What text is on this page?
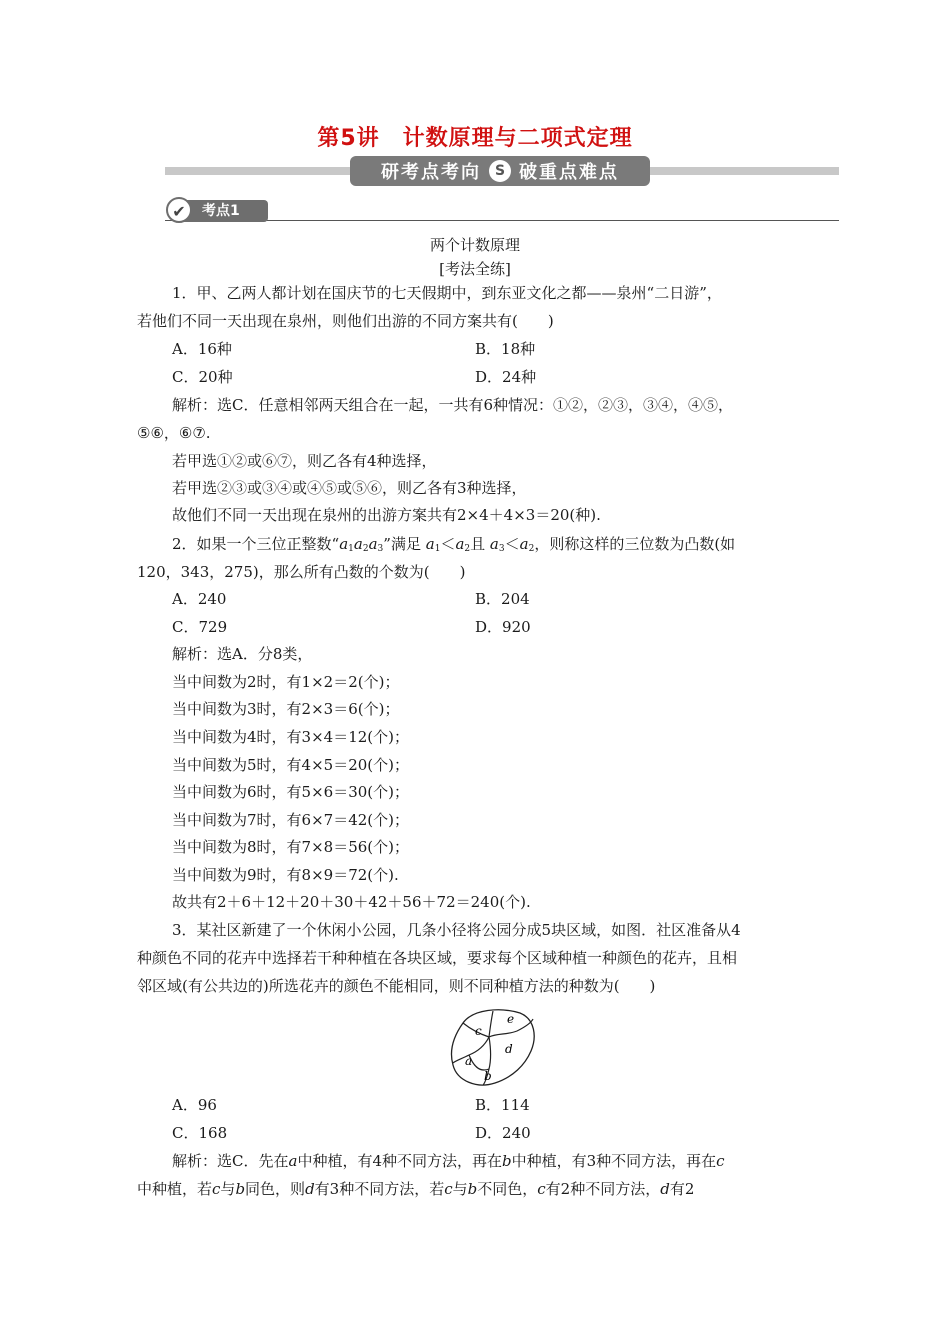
第5讲　计数原理与二项式定理
研考点考向 S 破重点难点
✔	考点1
两个计数原理
[考法全练]
1．甲、乙两人都计划在国庆节的七天假期中，到东亚文化之都——泉州“二日游”，
若他们不同一天出现在泉州，则他们出游的不同方案共有(　　)
A．16种	B．18种
C．20种	D．24种
解析：选C．任意相邻两天组合在一起，一共有6种情况：①②，②③，③④，④⑤，
⑤⑥，⑥⑦.
若甲选①②或⑥⑦，则乙各有4种选择，
若甲选②③或③④或④⑤或⑤⑥，则乙各有3种选择，
故他们不同一天出现在泉州的出游方案共有2×4＋4×3＝20(种).
2．如果一个三位正整数“$a_1a_2a_3$”满足 $a_1<a_2$且 $a_3<a_2$，则称这样的三位数为凸数(如
120，343，275)，那么所有凸数的个数为(　　)
A．240	B．204
C．729	D．920
解析：选A．分8类，
当中间数为2时，有1×2＝2(个)；
当中间数为3时，有2×3＝6(个)；
当中间数为4时，有3×4＝12(个)；
当中间数为5时，有4×5＝20(个)；
当中间数为6时，有5×6＝30(个)；
当中间数为7时，有6×7＝42(个)；
当中间数为8时，有7×8＝56(个)；
当中间数为9时，有8×9＝72(个).
故共有2＋6＋12＋20＋30＋42＋56＋72＝240(个).
3．某社区新建了一个休闲小公园，几条小径将公园分成5块区域，如图．社区准备从4
种颜色不同的花卉中选择若干种种植在各块区域，要求每个区域种植一种颜色的花卉，且相
邻区域(有公共边的)所选花卉的颜色不能相同，则不同种植方法的种数为(　　)
c
e
d
a
b
A．96	B．114
C．168	D．240
解析：选C．先在a中种植，有4种不同方法，再在b中种植，有3种不同方法，再在c
中种植，若c与b同色，则d有3种不同方法，若c与b不同色，c有2种不同方法，d有2
